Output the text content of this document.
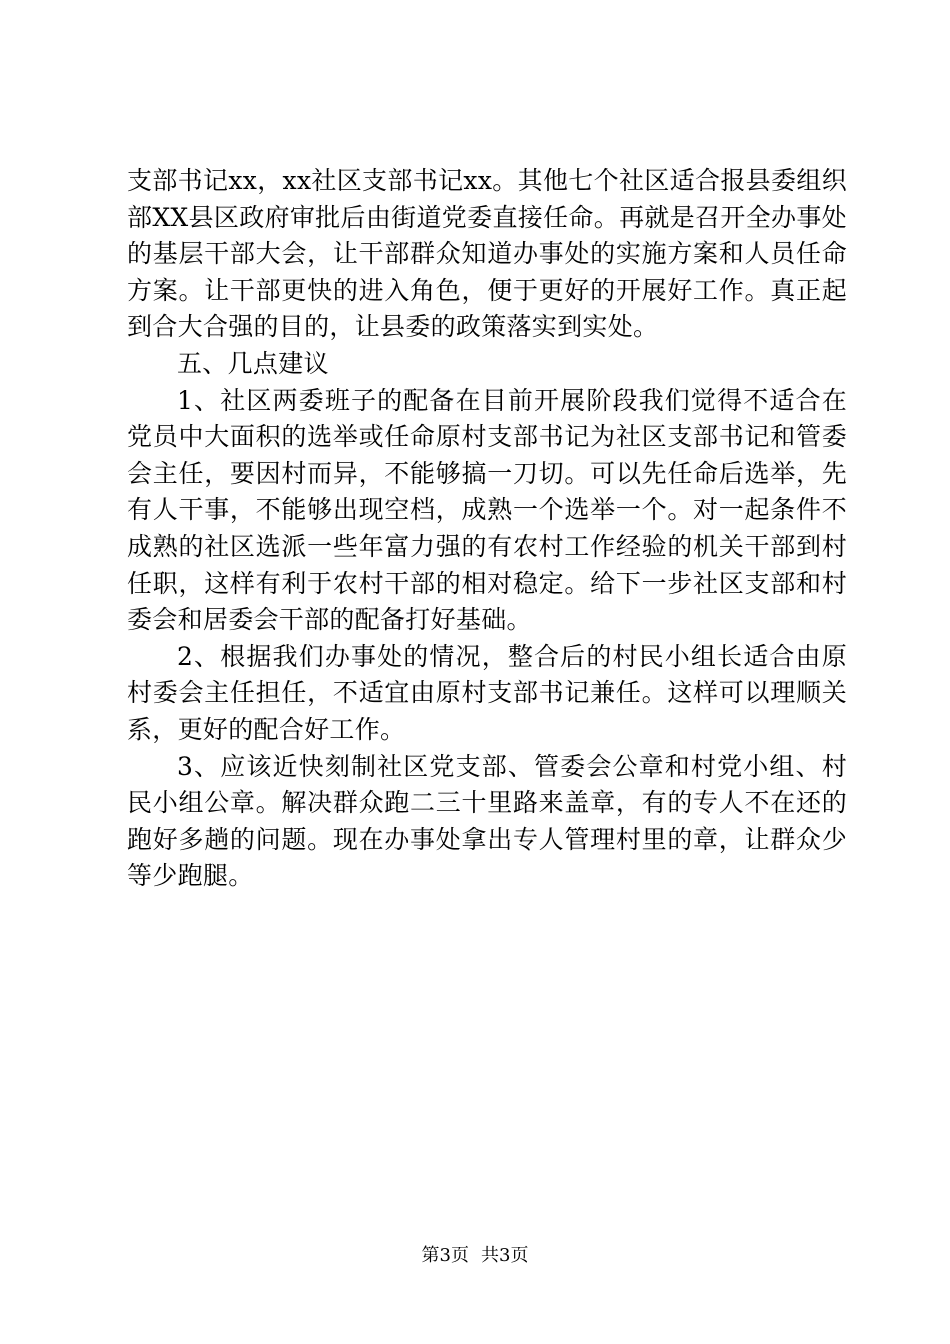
支部书记xx，xx社区支部书记xx。其他七个社区适合报县委组织部XX县区政府审批后由街道党委直接任命。再就是召开全办事处的基层干部大会，让干部群众知道办事处的实施方案和人员任命方案。让干部更快的进入角色，便于更好的开展好工作。真正起到合大合强的目的，让县委的政策落实到实处。

五、几点建议

1、社区两委班子的配备在目前开展阶段我们觉得不适合在党员中大面积的选举或任命原村支部书记为社区支部书记和管委会主任，要因村而异，不能够搞一刀切。可以先任命后选举，先有人干事，不能够出现空档，成熟一个选举一个。对一起条件不成熟的社区选派一些年富力强的有农村工作经验的机关干部到村任职，这样有利于农村干部的相对稳定。给下一步社区支部和村委会和居委会干部的配备打好基础。

2、根据我们办事处的情况，整合后的村民小组长适合由原村委会主任担任，不适宜由原村支部书记兼任。这样可以理顺关系，更好的配合好工作。

3、应该近快刻制社区党支部、管委会公章和村党小组、村民小组公章。解决群众跑二三十里路来盖章，有的专人不在还的跑好多趟的问题。现在办事处拿出专人管理村里的章，让群众少等少跑腿。

第3页 共3页
